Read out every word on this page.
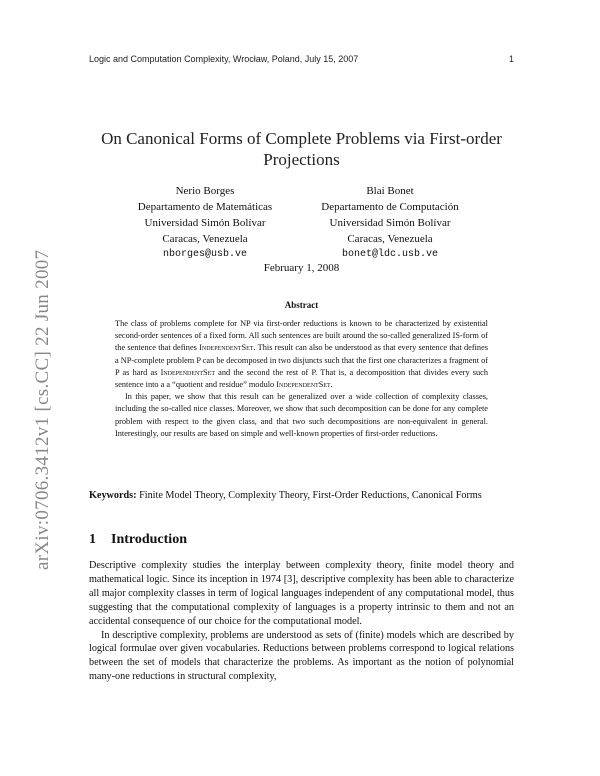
Logic and Computation Complexity, Wrocław, Poland, July 15, 2007	1
arXiv:0706.3412v1 [cs.CC] 22 Jun 2007
On Canonical Forms of Complete Problems via First-order Projections
Nerio Borges
Departamento de Matemáticas
Universidad Simón Bolívar
Caracas, Venezuela
nborges@usb.ve
Blai Bonet
Departamento de Computación
Universidad Simón Bolívar
Caracas, Venezuela
bonet@ldc.usb.ve
February 1, 2008
Abstract

The class of problems complete for NP via first-order reductions is known to be characterized by existential second-order sentences of a fixed form. All such sentences are built around the so-called generalized IS-form of the sentence that defines IndependentSet. This result can also be understood as that every sentence that defines a NP-complete problem P can be decomposed in two disjuncts such that the first one characterizes a fragment of P as hard as IndependentSet and the second the rest of P. That is, a decomposition that divides every such sentence into a a “quotient and residue” modulo IndependentSet.

In this paper, we show that this result can be generalized over a wide collection of complexity classes, including the so-called nice classes. Moreover, we show that such decomposition can be done for any complete problem with respect to the given class, and that two such decompositions are non-equivalent in general. Interestingly, our results are based on simple and well-known properties of first-order reductions.

Keywords: Finite Model Theory, Complexity Theory, First-Order Reductions, Canonical Forms
1 Introduction

Descriptive complexity studies the interplay between complexity theory, finite model theory and mathematical logic. Since its inception in 1974 [3], descriptive complexity has been able to characterize all major complexity classes in term of logical languages independent of any computational model, thus suggesting that the computational complexity of languages is a property intrinsic to them and not an accidental consequence of our choice for the computational model.

In descriptive complexity, problems are understood as sets of (finite) models which are described by logical formulae over given vocabularies. Reductions between problems correspond to logical relations between the set of models that characterize the problems. As important as the notion of polynomial many-one reductions in structural complexity,
